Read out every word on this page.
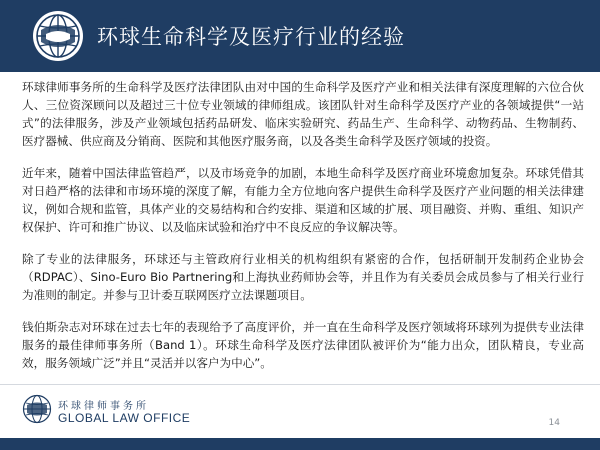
环球生命科学及医疗行业的经验

环球律师事务所的生命科学及医疗法律团队由对中国的生命科学及医疗产业和相关法律有深度理解的六位合伙人、三位资深顾问以及超过三十位专业领域的律师组成。该团队针对生命科学及医疗产业的各领域提供“一站式”的法律服务，涉及产业领域包括药品研发、临床实验研究、药品生产、生命科学、动物药品、生物制药、医疗器械、供应商及分销商、医院和其他医疗服务商，以及各类生命科学及医疗领域的投资。

近年来，随着中国法律监管趋严，以及市场竞争的加剧，本地生命科学及医疗商业环境愈加复杂。环球凭借其对日趋严格的法律和市场环境的深度了解，有能力全方位地向客户提供生命科学及医疗产业问题的相关法律建议，例如合规和监管，具体产业的交易结构和合约安排、渠道和区域的扩展、项目融资、并购、重组、知识产权保护、许可和推广协议、以及临床试验和治疗中不良反应的争议解决等。

除了专业的法律服务，环球还与主管政府行业相关的机构组织有紧密的合作，包括研制开发制药企业协会（RDPAC）、Sino-Euro Bio Partnering和上海执业药师协会等，并且作为有关委员会成员参与了相关行业行为准则的制定。并参与卫计委互联网医疗立法课题项目。

钱伯斯杂志对环球在过去七年的表现给予了高度评价，并一直在生命科学及医疗领域将环球列为提供专业法律服务的最佳律师事务所（Band 1）。环球生命科学及医疗法律团队被评价为“能力出众，团队精良，专业高效，服务领域广泛”并且“灵活并以客户为中心”。

环球律师事务所
GLOBAL LAW OFFICE	14
